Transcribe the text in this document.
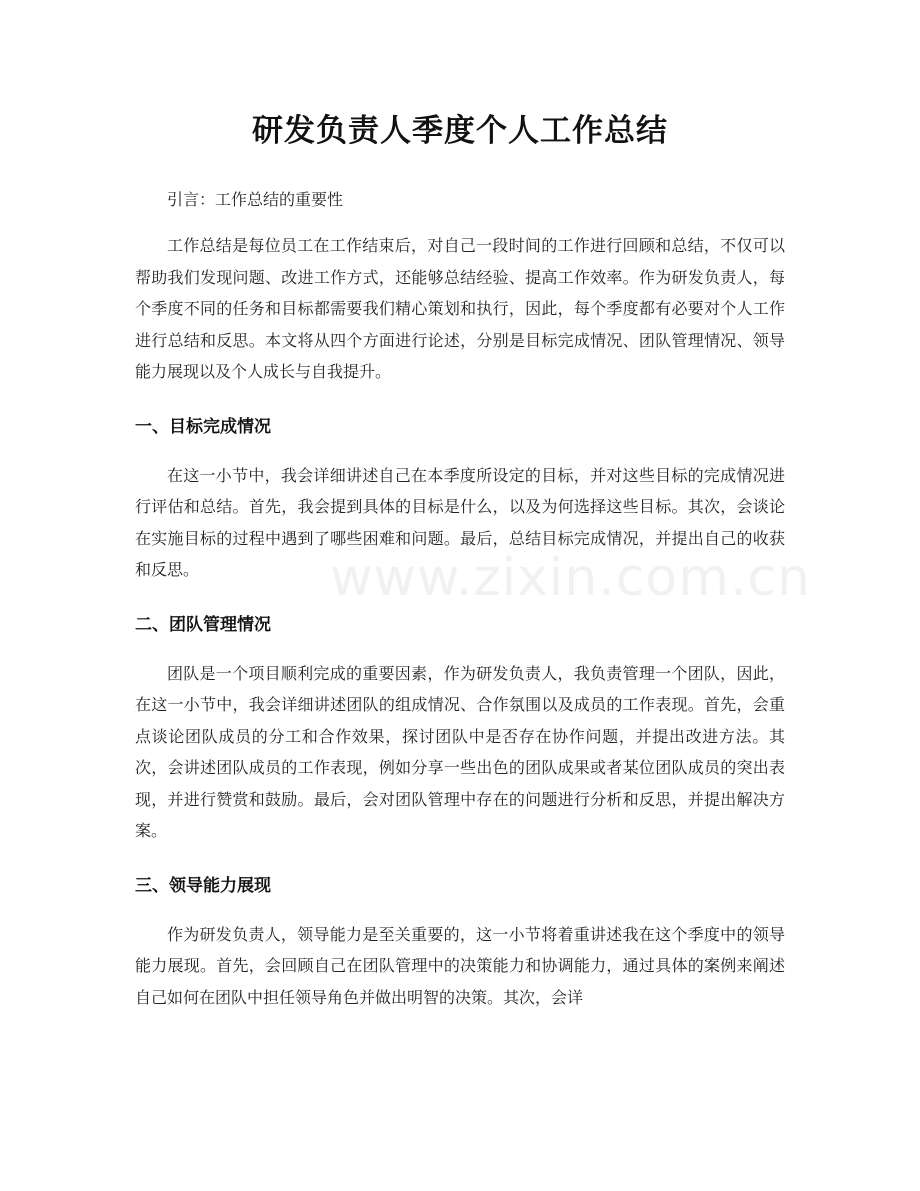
研发负责人季度个人工作总结

引言：工作总结的重要性

工作总结是每位员工在工作结束后，对自己一段时间的工作进行回顾和总结，不仅可以帮助我们发现问题、改进工作方式，还能够总结经验、提高工作效率。作为研发负责人，每个季度不同的任务和目标都需要我们精心策划和执行，因此，每个季度都有必要对个人工作进行总结和反思。本文将从四个方面进行论述，分别是目标完成情况、团队管理情况、领导能力展现以及个人成长与自我提升。

一、目标完成情况

在这一小节中，我会详细讲述自己在本季度所设定的目标，并对这些目标的完成情况进行评估和总结。首先，我会提到具体的目标是什么，以及为何选择这些目标。其次，会谈论在实施目标的过程中遇到了哪些困难和问题。最后，总结目标完成情况，并提出自己的收获和反思。

二、团队管理情况

团队是一个项目顺利完成的重要因素，作为研发负责人，我负责管理一个团队，因此，在这一小节中，我会详细讲述团队的组成情况、合作氛围以及成员的工作表现。首先，会重点谈论团队成员的分工和合作效果，探讨团队中是否存在协作问题，并提出改进方法。其次，会讲述团队成员的工作表现，例如分享一些出色的团队成果或者某位团队成员的突出表现，并进行赞赏和鼓励。最后，会对团队管理中存在的问题进行分析和反思，并提出解决方案。

三、领导能力展现

作为研发负责人，领导能力是至关重要的，这一小节将着重讲述我在这个季度中的领导能力展现。首先，会回顾自己在团队管理中的决策能力和协调能力，通过具体的案例来阐述自己如何在团队中担任领导角色并做出明智的决策。其次，会详

www.zixin.com.cn
